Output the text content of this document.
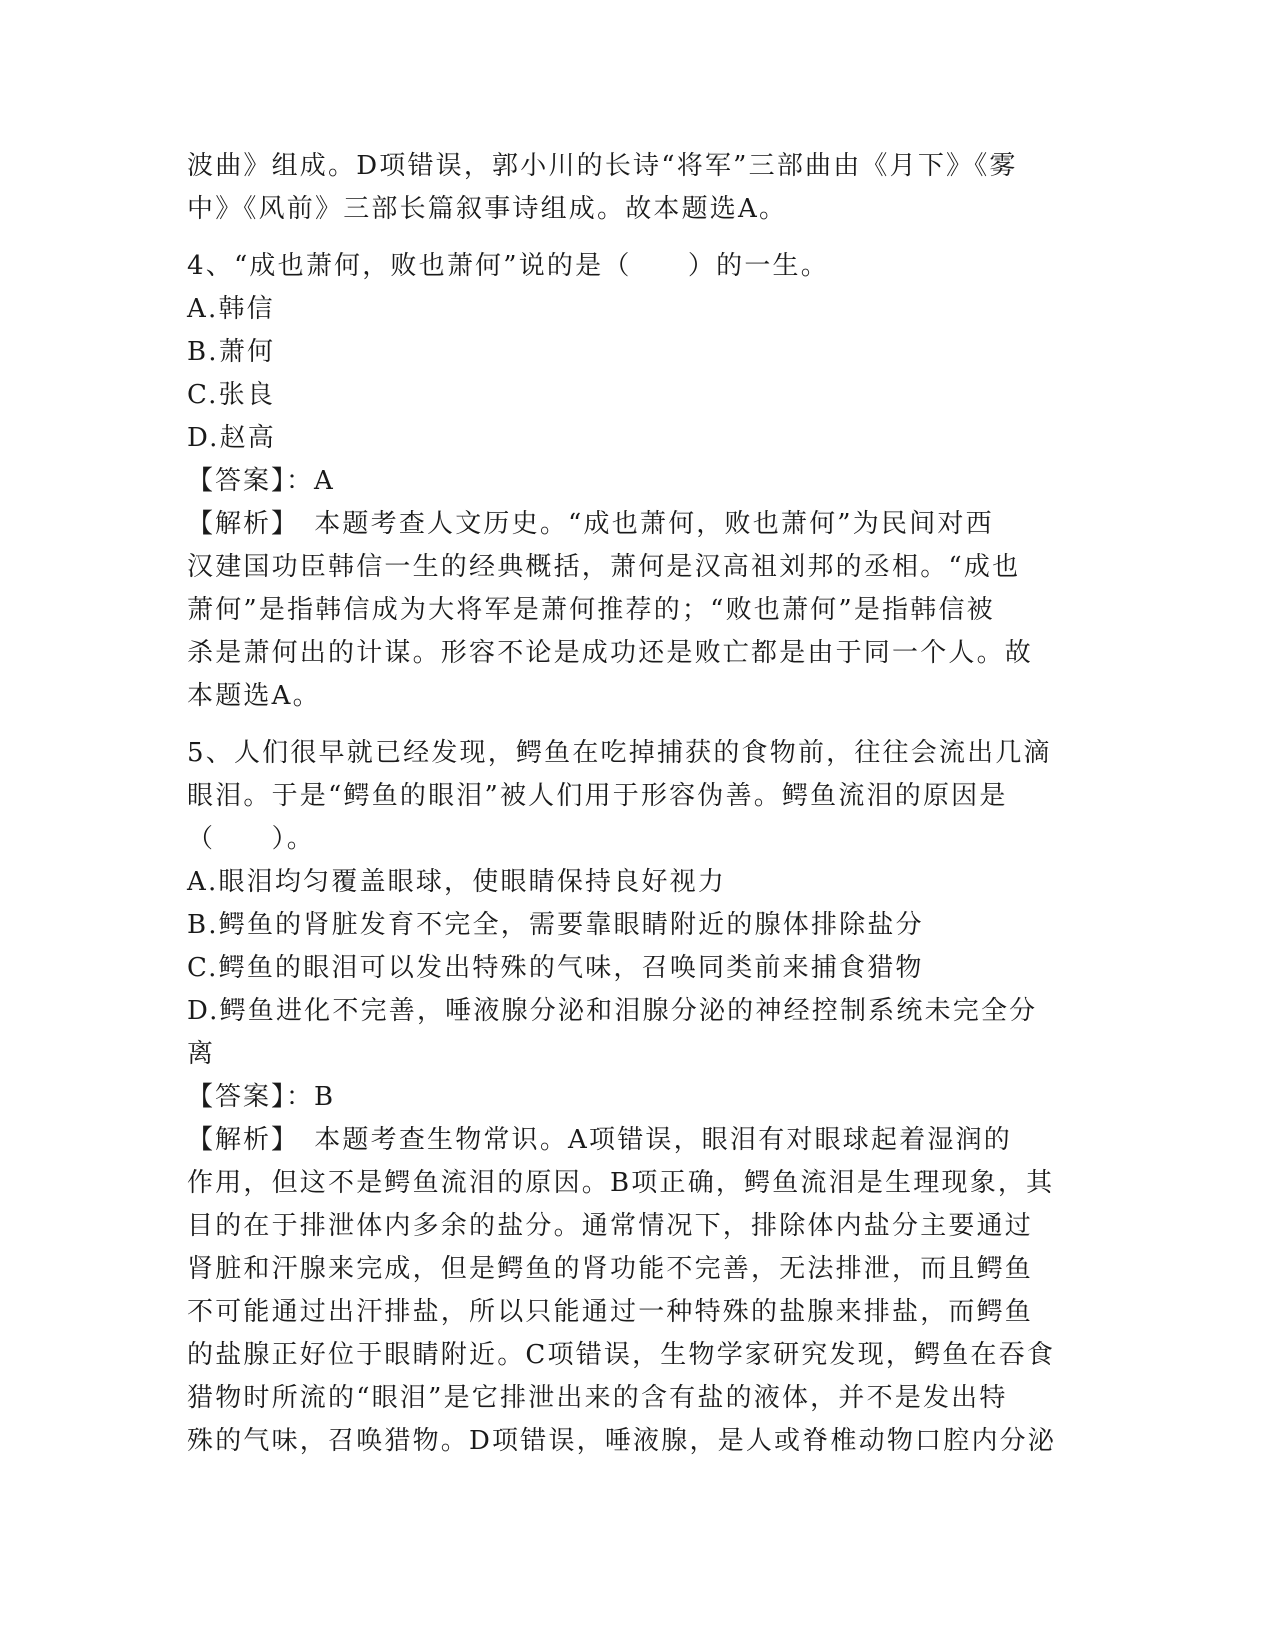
波曲》组成。D项错误，郭小川的长诗“将军”三部曲由《月下》《雾
中》《风前》三部长篇叙事诗组成。故本题选A。
4、“成也萧何，败也萧何”说的是（　　）的一生。
A.韩信
B.萧何
C.张良
D.赵高
【答案】：A
【解析】　本题考查人文历史。“成也萧何，败也萧何”为民间对西
汉建国功臣韩信一生的经典概括，萧何是汉高祖刘邦的丞相。“成也
萧何”是指韩信成为大将军是萧何推荐的；“败也萧何”是指韩信被
杀是萧何出的计谋。形容不论是成功还是败亡都是由于同一个人。故
本题选A。
5、人们很早就已经发现，鳄鱼在吃掉捕获的食物前，往往会流出几滴
眼泪。于是“鳄鱼的眼泪”被人们用于形容伪善。鳄鱼流泪的原因是
（　　）。
A.眼泪均匀覆盖眼球，使眼睛保持良好视力
B.鳄鱼的肾脏发育不完全，需要靠眼睛附近的腺体排除盐分
C.鳄鱼的眼泪可以发出特殊的气味，召唤同类前来捕食猎物
D.鳄鱼进化不完善，唾液腺分泌和泪腺分泌的神经控制系统未完全分
离
【答案】：B
【解析】　本题考查生物常识。A项错误，眼泪有对眼球起着湿润的
作用，但这不是鳄鱼流泪的原因。B项正确，鳄鱼流泪是生理现象，其
目的在于排泄体内多余的盐分。通常情况下，排除体内盐分主要通过
肾脏和汗腺来完成，但是鳄鱼的肾功能不完善，无法排泄，而且鳄鱼
不可能通过出汗排盐，所以只能通过一种特殊的盐腺来排盐，而鳄鱼
的盐腺正好位于眼睛附近。C项错误，生物学家研究发现，鳄鱼在吞食
猎物时所流的“眼泪”是它排泄出来的含有盐的液体，并不是发出特
殊的气味，召唤猎物。D项错误，唾液腺，是人或脊椎动物口腔内分泌
